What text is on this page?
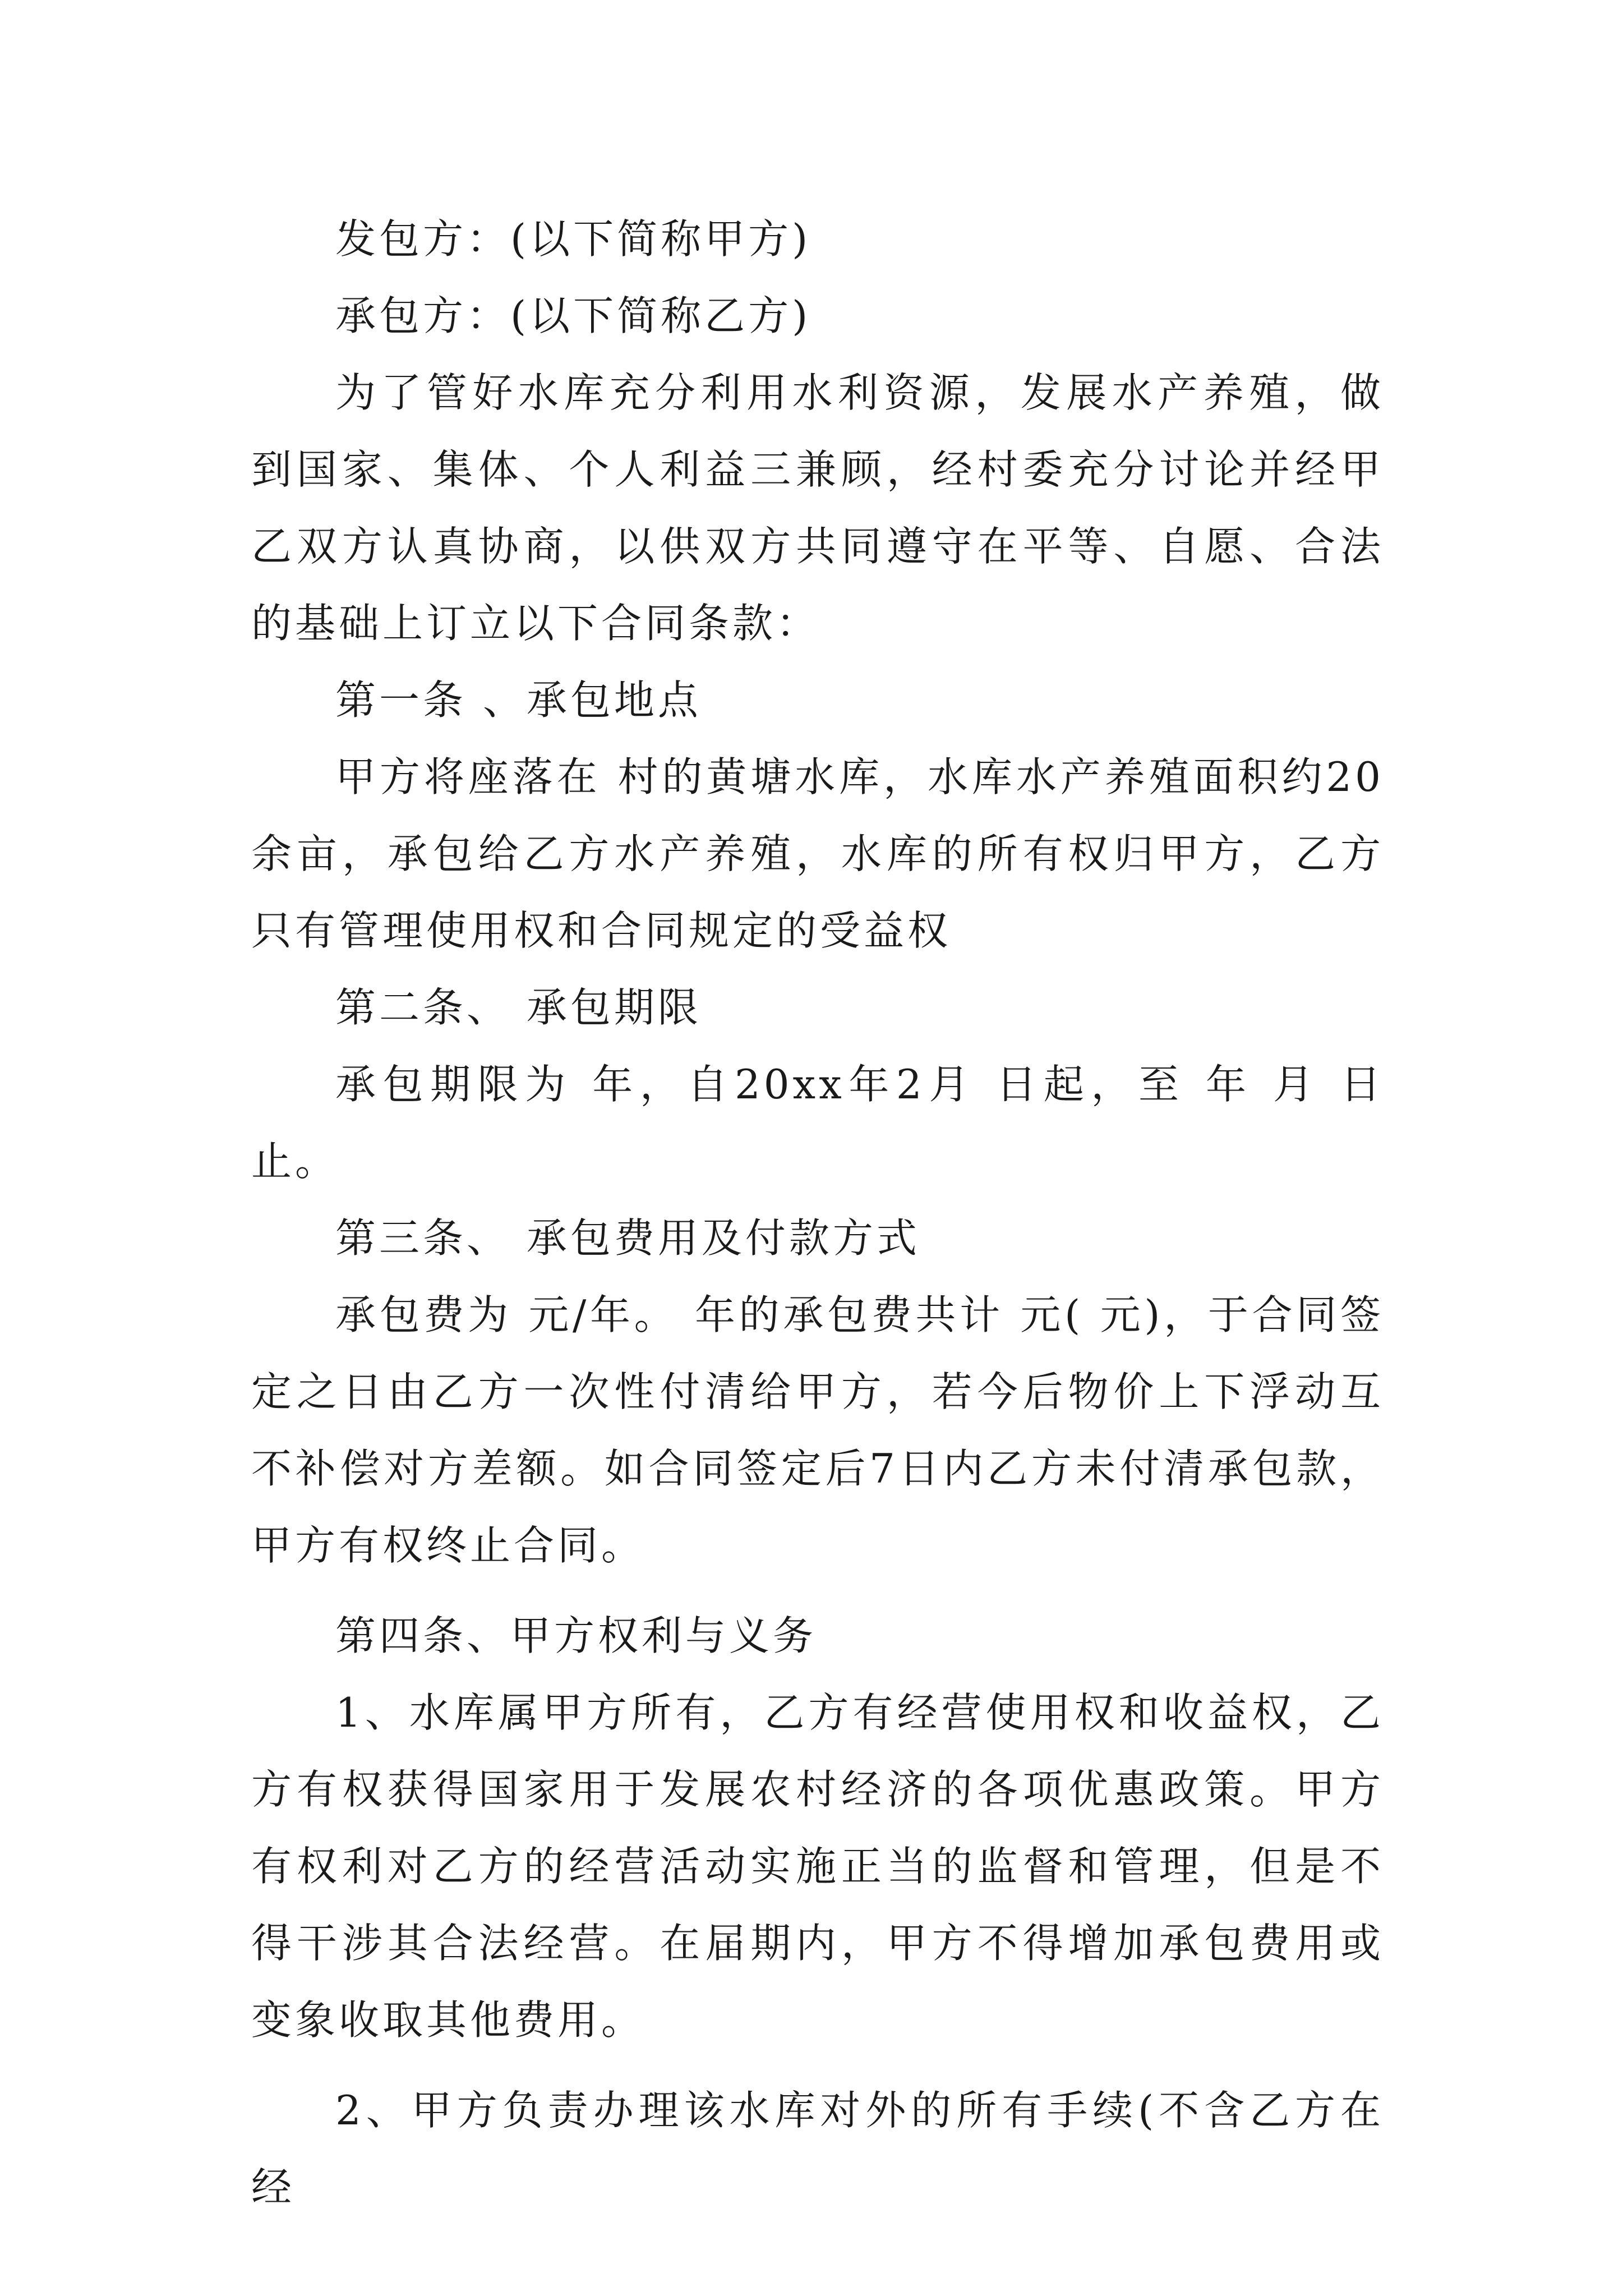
发包方：(以下简称甲方)

承包方：(以下简称乙方)

为了管好水库充分利用水利资源，发展水产养殖，做到国家、集体、个人利益三兼顾，经村委充分讨论并经甲乙双方认真协商，以供双方共同遵守在平等、自愿、合法的基础上订立以下合同条款：

第一条 、承包地点

甲方将座落在 村的黄塘水库，水库水产养殖面积约20余亩，承包给乙方水产养殖，水库的所有权归甲方，乙方只有管理使用权和合同规定的受益权

第二条、 承包期限

承包期限为 年，自20xx年2月 日起，至 年 月 日止。

第三条、 承包费用及付款方式

承包费为 元/年。 年的承包费共计 元( 元)，于合同签定之日由乙方一次性付清给甲方，若今后物价上下浮动互不补偿对方差额。如合同签定后7日内乙方未付清承包款，甲方有权终止合同。

第四条、甲方权利与义务

1、水库属甲方所有，乙方有经营使用权和收益权，乙方有权获得国家用于发展农村经济的各项优惠政策。甲方有权利对乙方的经营活动实施正当的监督和管理，但是不得干涉其合法经营。在届期内，甲方不得增加承包费用或变象收取其他费用。

2、甲方负责办理该水库对外的所有手续(不含乙方在经
